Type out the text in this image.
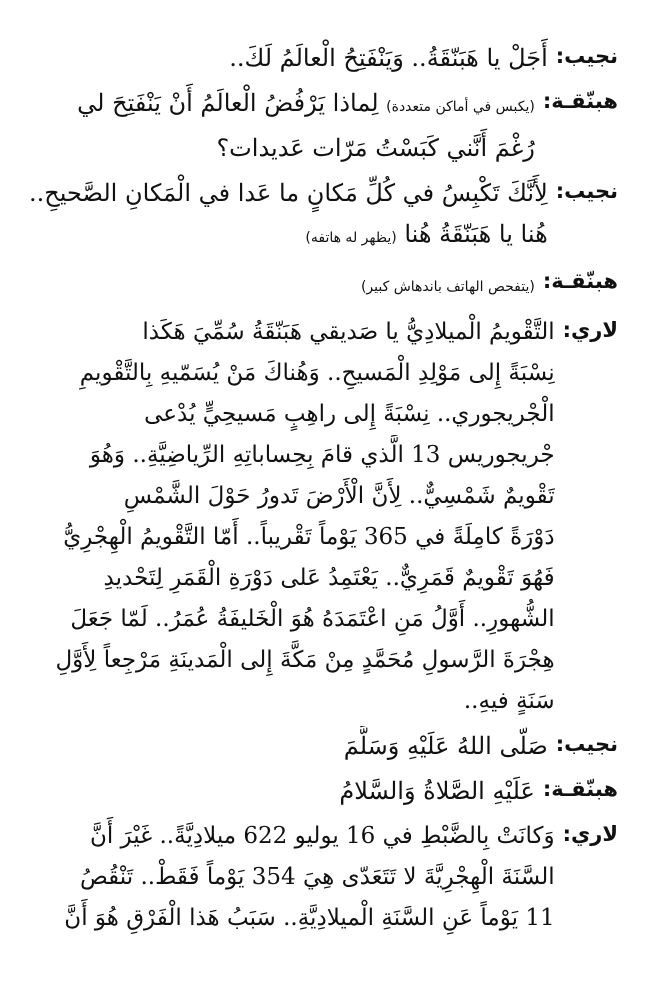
نجيب:
أَجَلْ يا هَبَنّقَةُ.. وَيَنْفَتِحُ الْعالَمُ لَكَ..
هبنّقـة:
(يكبس في أماكن متعددة) لِماذا يَرْفُضُ الْعالَمُ أَنْ يَنْفَتِحَ لي
رُغْمَ أَنَّني كَبَسْتُ مَرّات عَديدات؟
نجيب:
لِأَنَّكَ تَكْبِسُ في كُلِّ مَكانٍ ما عَدا في الْمَكانِ الصَّحيحِ..
هُنا يا هَبَنّقَةُ هُنا (يظهر له هاتفه)
هبنّقـة:
(يتفحص الهاتف باندهاش كبير)
لاري:
التَّقْويمُ الْميلادِيُّ يا صَديقي هَبَنّقَةُ سُمِّيَ هَكَذا
نِسْبَةً إِلى مَوْلِدِ الْمَسيحِ.. وَهُناكَ مَنْ يُسَمّيهِ بِالتَّقْويمِ
الْجْريجوري.. نِسْبَةً إِلى راهِبٍ مَسيحِيٍّ يُدْعى
جْريجوريس 13 الَّذي قامَ بِحِساباتِهِ الرِّياضِيَّةِ.. وَهُوَ
تَقْويمٌ شَمْسِيٌّ.. لِأَنَّ الْأَرْضَ تَدورُ حَوْلَ الشَّمْسِ
دَوْرَةً كامِلَةً في 365 يَوْماً تَقْريباً.. أَمّا التَّقْويمُ الْهِجْرِيُّ
فَهُوَ تَقْويمٌ قَمَرِيٌّ.. يَعْتَمِدُ عَلى دَوْرَةِ الْقَمَرِ لِتَحْديدِ
الشُّهورِ.. أَوَّلُ مَنِ اعْتَمَدَهُ هُوَ الْخَليفَةُ عُمَرُ.. لَمّا جَعَلَ
هِجْرَةَ الرَّسولِ مُحَمَّدٍ مِنْ مَكَّةَ إِلى الْمَدينَةِ مَرْجِعاً لِأَوَّلِ
سَنَةٍ فيهِ..
نجيب:
صَلّى اللهُ عَلَيْهِ وَسَلَّمَ
هبنّقـة:
عَلَيْهِ الصَّلاةُ وَالسَّلامُ
لاري:
وَكانَتْ بِالضَّبْطِ في 16 يوليو 622 ميلادِيَّةً.. غَيْرَ أَنَّ
السَّنَةَ الْهِجْرِيَّةَ لا تَتَعَدّى هِيَ 354 يَوْماً فَقَطْ.. تَنْقُصُ
11 يَوْماً عَنِ السَّنَةِ الْميلادِيَّةِ.. سَبَبُ هَذا الْفَرْقِ هُوَ أَنَّ
